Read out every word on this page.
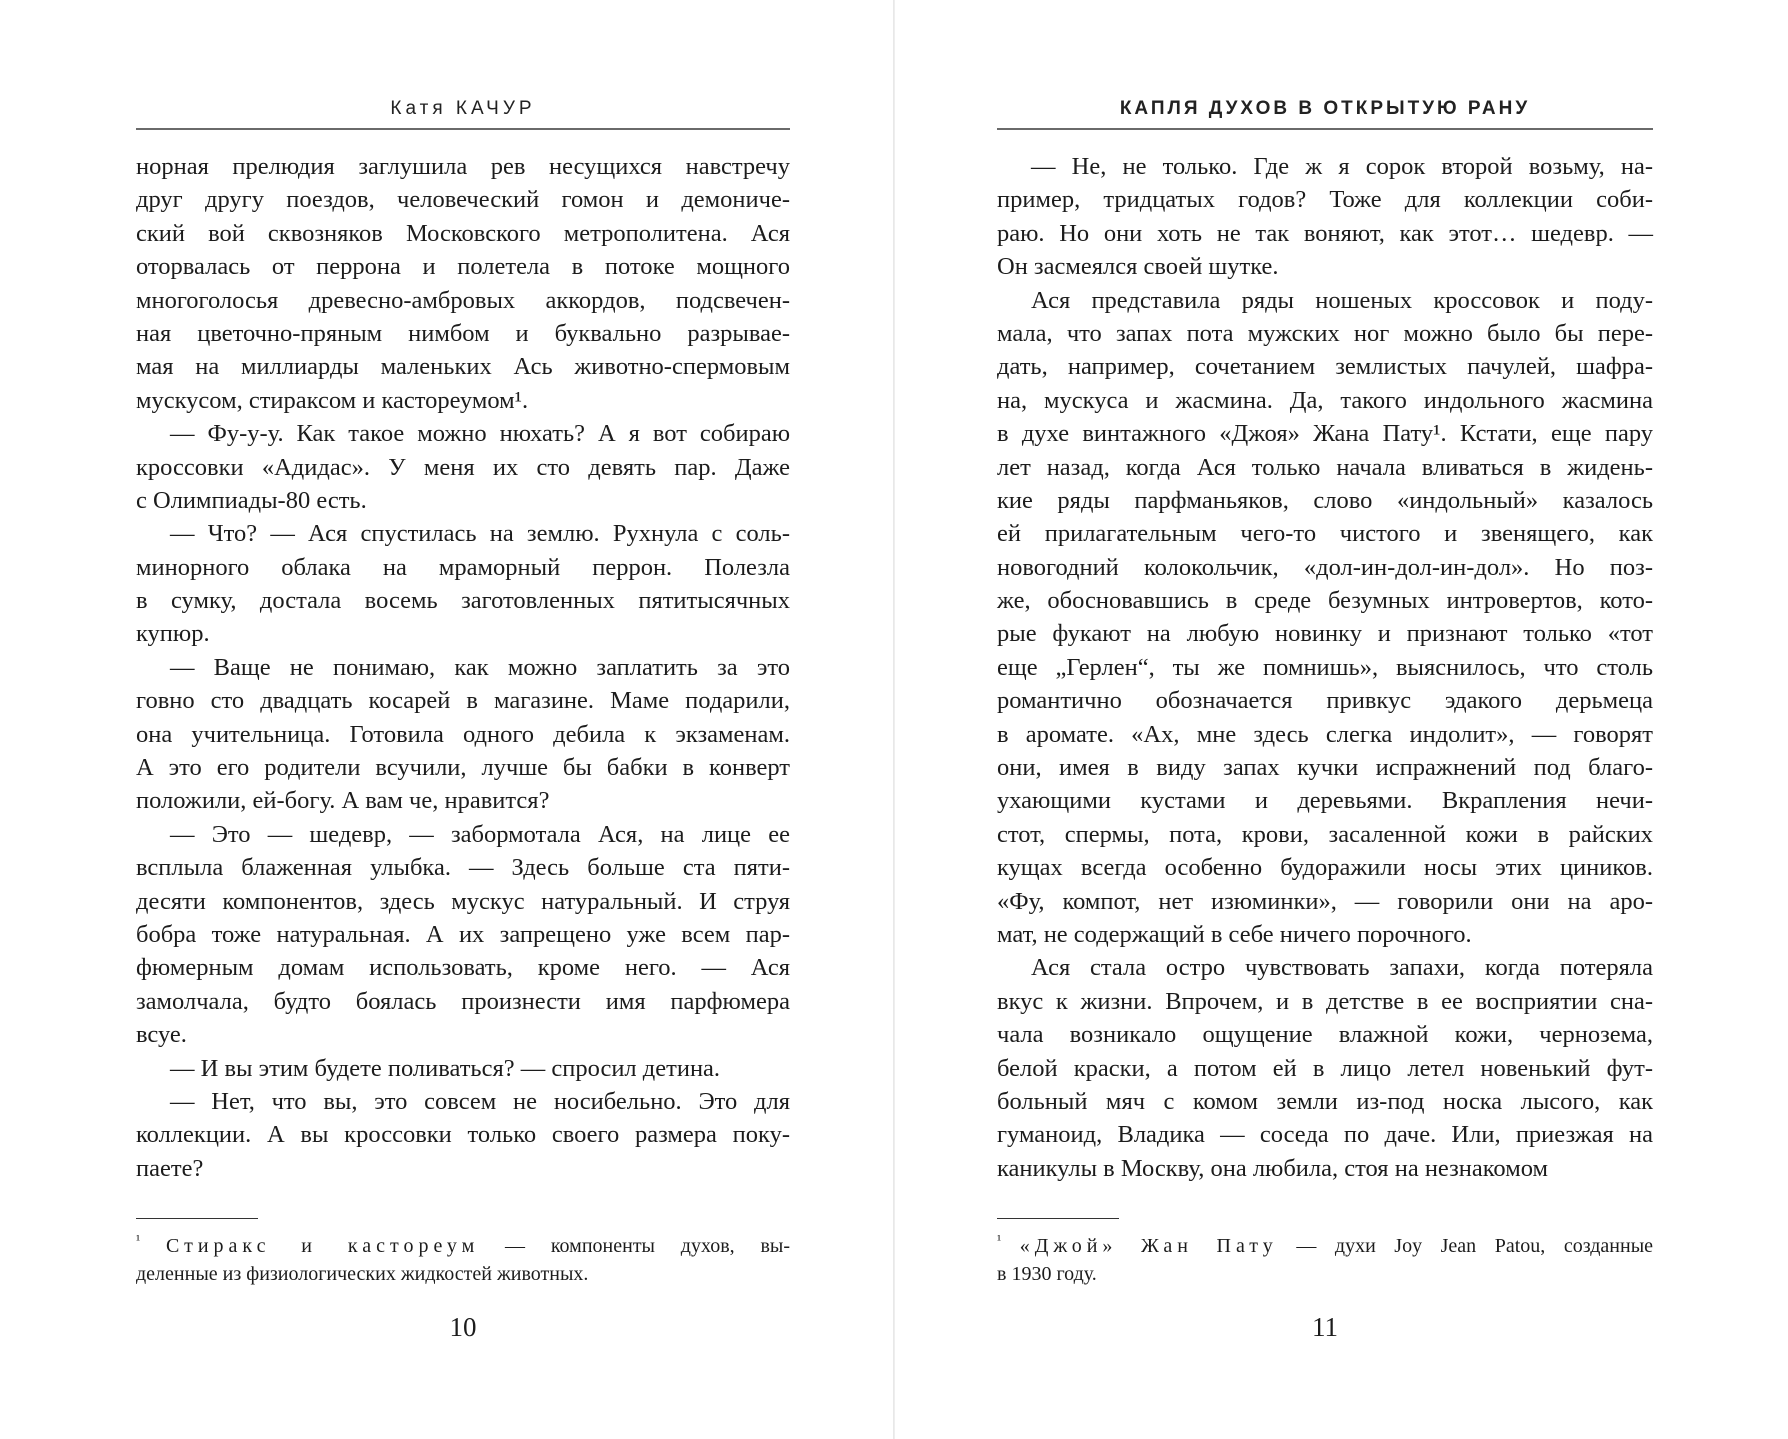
Катя КАЧУР
норная прелюдия заглушила рев несущихся навстречу
друг другу поездов, человеческий гомон и демониче-
ский вой сквозняков Московского метрополитена. Ася
оторвалась от перрона и полетела в потоке мощного
многоголосья древесно-амбровых аккордов, подсвечен-
ная цветочно-пряным нимбом и буквально разрывае-
мая на миллиарды маленьких Ась животно-спермовым
мускусом, стираксом и кастореумом¹.
— Фу-у-у. Как такое можно нюхать? А я вот собираю
кроссовки «Адидас». У меня их сто девять пар. Даже
с Олимпиады-80 есть.
— Что? — Ася спустилась на землю. Рухнула с соль-
минорного облака на мраморный перрон. Полезла
в сумку, достала восемь заготовленных пятитысячных
купюр.
— Ваще не понимаю, как можно заплатить за это
говно сто двадцать косарей в магазине. Маме подарили,
она учительница. Готовила одного дебила к экзаменам.
А это его родители всучили, лучше бы бабки в конверт
положили, ей-богу. А вам че, нравится?
— Это — шедевр, — забормотала Ася, на лице ее
всплыла блаженная улыбка. — Здесь больше ста пяти-
десяти компонентов, здесь мускус натуральный. И струя
бобра тоже натуральная. А их запрещено уже всем пар-
фюмерным домам использовать, кроме него. — Ася
замолчала, будто боялась произнести имя парфюмера
всуе.
— И вы этим будете поливаться? — спросил детина.
— Нет, что вы, это совсем не носибельно. Это для
коллекции. А вы кроссовки только своего размера поку-
паете?
$^{^1}$ Стиракс и кастореум — компоненты духов, вы-
деленные из физиологических жидкостей животных.
10
КАПЛЯ ДУХОВ В ОТКРЫТУЮ РАНУ
— Не, не только. Где ж я сорок второй возьму, на-
пример, тридцатых годов? Тоже для коллекции соби-
раю. Но они хоть не так воняют, как этот… шедевр. —
Он засмеялся своей шутке.
Ася представила ряды ношеных кроссовок и поду-
мала, что запах пота мужских ног можно было бы пере-
дать, например, сочетанием землистых пачулей, шафра-
на, мускуса и жасмина. Да, такого индольного жасмина
в духе винтажного «Джоя» Жана Пату¹. Кстати, еще пару
лет назад, когда Ася только начала вливаться в жидень-
кие ряды парфманьяков, слово «индольный» казалось
ей прилагательным чего-то чистого и звенящего, как
новогодний колокольчик, «дол-ин-дол-ин-дол». Но поз-
же, обосновавшись в среде безумных интровертов, кото-
рые фукают на любую новинку и признают только «тот
еще „Герлен“, ты же помнишь», выяснилось, что столь
романтично обозначается привкус эдакого дерьмеца
в аромате. «Ах, мне здесь слегка индолит», — говорят
они, имея в виду запах кучки испражнений под благо-
ухающими кустами и деревьями. Вкрапления нечи-
стот, спермы, пота, крови, засаленной кожи в райских
кущах всегда особенно будоражили носы этих циников.
«Фу, компот, нет изюминки», — говорили они на аро-
мат, не содержащий в себе ничего порочного.
Ася стала остро чувствовать запахи, когда потеряла
вкус к жизни. Впрочем, и в детстве в ее восприятии сна-
чала возникало ощущение влажной кожи, чернозема,
белой краски, а потом ей в лицо летел новенький фут-
больный мяч с комом земли из-под носка лысого, как
гуманоид, Владика — соседа по даче. Или, приезжая на
каникулы в Москву, она любила, стоя на незнакомом
$^{^1}$ «Джой» Жан Пату — духи Joy Jean Patou, созданные
в 1930 году.
11
